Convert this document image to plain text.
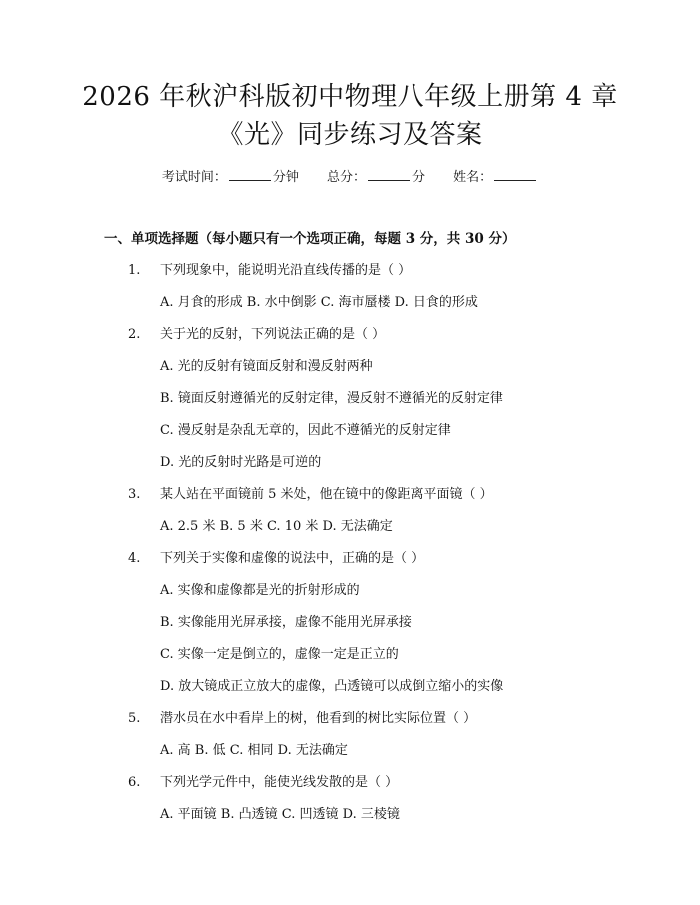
2026 年秋沪科版初中物理八年级上册第 4 章
《光》同步练习及答案
考试时间：	分钟 总分：	分 姓名：
一、单项选择题（每小题只有一个选项正确，每题 3 分，共 30 分）
1. 下列现象中，能说明光沿直线传播的是（ ）
A. 月食的形成 B. 水中倒影 C. 海市蜃楼 D. 日食的形成
2. 关于光的反射，下列说法正确的是（ ）
A. 光的反射有镜面反射和漫反射两种
B. 镜面反射遵循光的反射定律，漫反射不遵循光的反射定律
C. 漫反射是杂乱无章的，因此不遵循光的反射定律
D. 光的反射时光路是可逆的
3. 某人站在平面镜前 5 米处，他在镜中的像距离平面镜（ ）
A. 2.5 米 B. 5 米 C. 10 米 D. 无法确定
4. 下列关于实像和虚像的说法中，正确的是（ ）
A. 实像和虚像都是光的折射形成的
B. 实像能用光屏承接，虚像不能用光屏承接
C. 实像一定是倒立的，虚像一定是正立的
D. 放大镜成正立放大的虚像，凸透镜可以成倒立缩小的实像
5. 潜水员在水中看岸上的树，他看到的树比实际位置（ ）
A. 高 B. 低 C. 相同 D. 无法确定
6. 下列光学元件中，能使光线发散的是（ ）
A. 平面镜 B. 凸透镜 C. 凹透镜 D. 三棱镜
